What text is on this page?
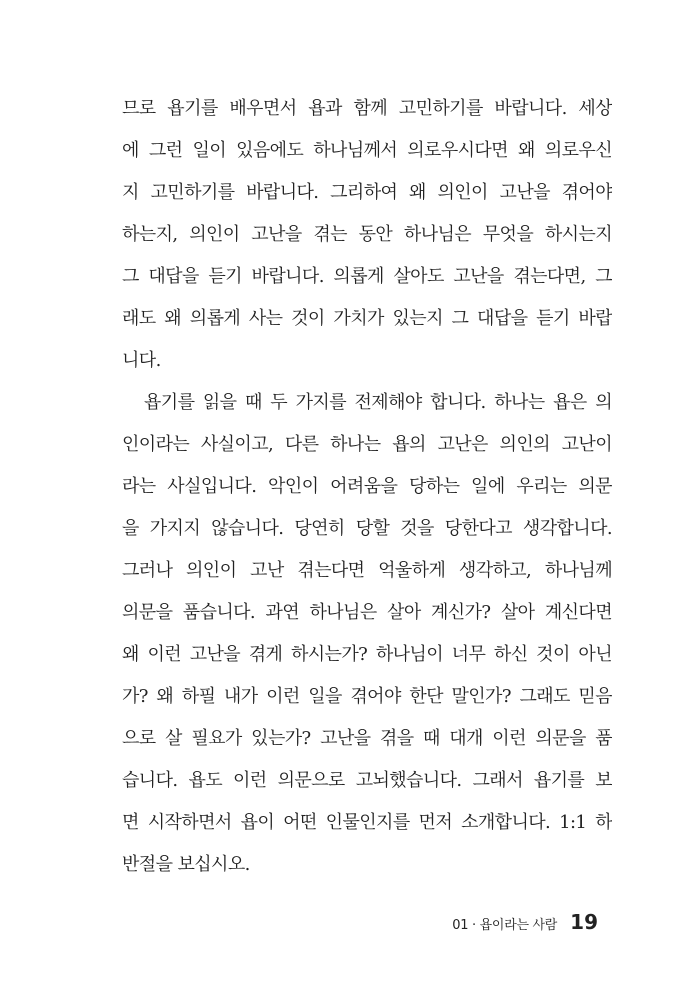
므로 욥기를 배우면서 욥과 함께 고민하기를 바랍니다. 세상
에 그런 일이 있음에도 하나님께서 의로우시다면 왜 의로우신
지 고민하기를 바랍니다. 그리하여 왜 의인이 고난을 겪어야
하는지, 의인이 고난을 겪는 동안 하나님은 무엇을 하시는지
그 대답을 듣기 바랍니다. 의롭게 살아도 고난을 겪는다면, 그
래도 왜 의롭게 사는 것이 가치가 있는지 그 대답을 듣기 바랍
니다.
욥기를 읽을 때 두 가지를 전제해야 합니다. 하나는 욥은 의
인이라는 사실이고, 다른 하나는 욥의 고난은 의인의 고난이
라는 사실입니다. 악인이 어려움을 당하는 일에 우리는 의문
을 가지지 않습니다. 당연히 당할 것을 당한다고 생각합니다.
그러나 의인이 고난 겪는다면 억울하게 생각하고, 하나님께
의문을 품습니다. 과연 하나님은 살아 계신가? 살아 계신다면
왜 이런 고난을 겪게 하시는가? 하나님이 너무 하신 것이 아닌
가? 왜 하필 내가 이런 일을 겪어야 한단 말인가? 그래도 믿음
으로 살 필요가 있는가? 고난을 겪을 때 대개 이런 의문을 품
습니다. 욥도 이런 의문으로 고뇌했습니다. 그래서 욥기를 보
면 시작하면서 욥이 어떤 인물인지를 먼저 소개합니다. 1:1 하
반절을 보십시오.
01 · 욥이라는 사람 19
